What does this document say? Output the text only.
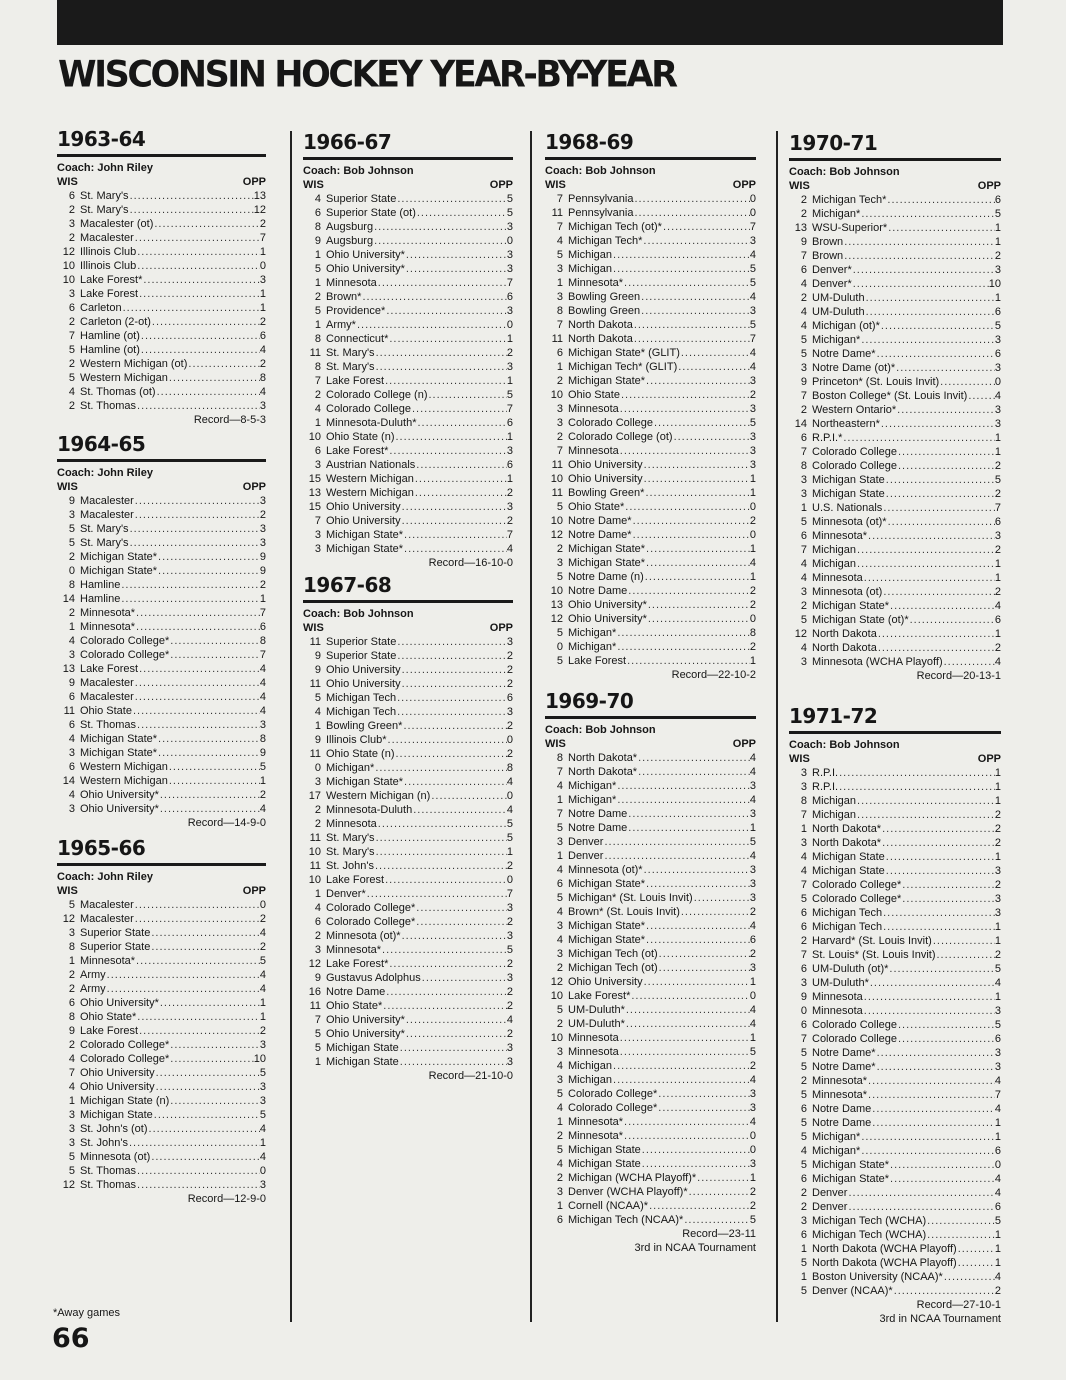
WISCONSIN HOCKEY YEAR-BY-YEAR
1963-64
Coach: John Riley
WIS	OPP
6 St. Mary's .....	13
2 St. Mary's .....	12
3 Macalester (ot) .....	2
2 Macalester .....	7
12 Illinois Club .....	1
10 Illinois Club .....	0
10 Lake Forest* .....	3
3 Lake Forest .....	1
6 Carleton .....	1
2 Carleton (2-ot) .....	2
7 Hamline (ot) .....	6
5 Hamline (ot) .....	4
2 Western Michigan (ot) .....	2
5 Western Michigan .....	8
4 St. Thomas (ot) .....	4
2 St. Thomas .....	3
Record—8-5-3
1964-65
Coach: John Riley
WIS	OPP
9 Macalester .....	3
3 Macalester .....	2
5 St. Mary's .....	3
5 St. Mary's .....	3
2 Michigan State* .....	9
0 Michigan State* .....	9
8 Hamline .....	2
14 Hamline .....	1
2 Minnesota* .....	7
1 Minnesota* .....	6
4 Colorado College* .....	8
3 Colorado College* .....	7
13 Lake Forest .....	4
9 Macalester .....	4
6 Macalester .....	4
11 Ohio State .....	4
6 St. Thomas .....	3
4 Michigan State* .....	8
3 Michigan State* .....	9
6 Western Michigan .....	5
14 Western Michigan .....	1
4 Ohio University* .....	2
3 Ohio University* .....	4
Record—14-9-0
1965-66
Coach: John Riley
WIS	OPP
5 Macalester .....	0
12 Macalester .....	2
3 Superior State .....	4
8 Superior State .....	2
1 Minnesota* .....	5
2 Army .....	4
2 Army .....	4
6 Ohio University* .....	1
8 Ohio State* .....	1
9 Lake Forest .....	2
2 Colorado College* .....	3
4 Colorado College* .....	10
7 Ohio University .....	5
4 Ohio University .....	3
1 Michigan State (n) .....	3
3 Michigan State .....	5
3 St. John's (ot) .....	4
3 St. John's .....	1
5 Minnesota (ot) .....	4
5 St. Thomas .....	0
12 St. Thomas .....	3
Record—12-9-0
1966-67
Coach: Bob Johnson
WIS	OPP
4 Superior State .....	5
6 Superior State (ot) .....	5
8 Augsburg .....	3
9 Augsburg .....	0
1 Ohio University* .....	3
5 Ohio University* .....	3
1 Minnesota .....	7
2 Brown* .....	6
5 Providence* .....	3
1 Army* .....	0
8 Connecticut* .....	1
11 St. Mary's .....	2
8 St. Mary's .....	3
7 Lake Forest .....	1
2 Colorado College (n) .....	5
4 Colorado College .....	7
1 Minnesota-Duluth* .....	6
10 Ohio State (n) .....	1
6 Lake Forest* .....	3
3 Austrian Nationals .....	6
15 Western Michigan .....	1
13 Western Michigan .....	2
15 Ohio University .....	3
7 Ohio University .....	2
3 Michigan State* .....	7
3 Michigan State* .....	4
Record—16-10-0
1967-68
Coach: Bob Johnson
WIS	OPP
11 Superior State .....	3
9 Superior State .....	2
9 Ohio University .....	2
11 Ohio University .....	2
5 Michigan Tech .....	6
4 Michigan Tech .....	3
1 Bowling Green* .....	2
9 Illinois Club* .....	0
11 Ohio State (n) .....	2
0 Michigan* .....	8
3 Michigan State* .....	4
17 Western Michigan (n) .....	0
2 Minnesota-Duluth .....	4
2 Minnesota .....	5
11 St. Mary's .....	5
10 St. Mary's .....	1
11 St. John's .....	2
10 Lake Forest .....	0
1 Denver* .....	7
4 Colorado College* .....	3
6 Colorado College* .....	2
2 Minnesota (ot)* .....	3
3 Minnesota* .....	5
12 Lake Forest* .....	2
9 Gustavus Adolphus .....	3
16 Notre Dame .....	2
11 Ohio State* .....	2
7 Ohio University* .....	4
5 Ohio University* .....	2
5 Michigan State .....	3
1 Michigan State .....	3
Record—21-10-0
1968-69
Coach: Bob Johnson
WIS	OPP
7 Pennsylvania .....	0
11 Pennsylvania .....	0
7 Michigan Tech (ot)* .....	7
4 Michigan Tech* .....	3
5 Michigan .....	4
3 Michigan .....	5
1 Minnesota* .....	5
3 Bowling Green .....	4
8 Bowling Green .....	3
7 North Dakota .....	5
11 North Dakota .....	7
6 Michigan State* (GLIT) .....	4
1 Michigan Tech* (GLIT) .....	4
2 Michigan State* .....	3
10 Ohio State .....	2
3 Minnesota .....	3
3 Colorado College .....	5
2 Colorado College (ot) .....	3
7 Minnesota .....	3
11 Ohio University .....	3
10 Ohio University .....	1
11 Bowling Green* .....	1
5 Ohio State* .....	0
10 Notre Dame* .....	2
12 Notre Dame* .....	0
2 Michigan State* .....	1
3 Michigan State* .....	4
5 Notre Dame (n) .....	1
10 Notre Dame .....	2
13 Ohio University* .....	2
12 Ohio University* .....	0
5 Michigan* .....	8
0 Michigan* .....	2
5 Lake Forest .....	1
Record—22-10-2
1969-70
Coach: Bob Johnson
WIS	OPP
8 North Dakota* .....	4
7 North Dakota* .....	4
4 Michigan* .....	3
1 Michigan* .....	4
7 Notre Dame .....	3
5 Notre Dame .....	1
3 Denver .....	5
1 Denver .....	4
4 Minnesota (ot)* .....	3
6 Michigan State* .....	3
5 Michigan* (St. Louis Invit) .....	3
4 Brown* (St. Louis Invit) .....	2
3 Michigan State* .....	4
4 Michigan State* .....	6
3 Michigan Tech (ot) .....	2
2 Michigan Tech (ot) .....	3
12 Ohio University .....	1
10 Lake Forest* .....	0
5 UM-Duluth* .....	4
2 UM-Duluth* .....	4
10 Minnesota .....	1
3 Minnesota .....	5
4 Michigan .....	2
3 Michigan .....	4
5 Colorado College* .....	3
4 Colorado College* .....	3
1 Minnesota* .....	4
2 Minnesota* .....	0
5 Michigan State .....	0
4 Michigan State .....	3
2 Michigan (WCHA Playoff)* .....	1
3 Denver (WCHA Playoff)* .....	2
1 Cornell (NCAA)* .....	2
6 Michigan Tech (NCAA)* .....	5
Record—23-11
3rd in NCAA Tournament
1970-71
Coach: Bob Johnson
WIS	OPP
2 Michigan Tech* .....	6
2 Michigan* .....	5
13 WSU-Superior* .....	1
9 Brown .....	1
7 Brown .....	2
6 Denver* .....	3
4 Denver* .....	10
2 UM-Duluth .....	1
4 UM-Duluth .....	6
4 Michigan (ot)* .....	5
5 Michigan* .....	3
5 Notre Dame* .....	6
3 Notre Dame (ot)* .....	3
9 Princeton* (St. Louis Invit) .....	0
7 Boston College* (St. Louis Invit) .....	4
2 Western Ontario* .....	3
14 Northeastern* .....	3
6 R.P.I.* .....	1
7 Colorado College .....	1
8 Colorado College .....	2
3 Michigan State .....	5
3 Michigan State .....	2
1 U.S. Nationals .....	7
5 Minnesota (ot)* .....	6
6 Minnesota* .....	3
7 Michigan .....	2
4 Michigan .....	1
4 Minnesota .....	1
3 Minnesota (ot) .....	2
2 Michigan State* .....	4
5 Michigan State (ot)* .....	6
12 North Dakota .....	1
4 North Dakota .....	2
3 Minnesota (WCHA Playoff) .....	4
Record—20-13-1
1971-72
Coach: Bob Johnson
WIS	OPP
3 R.P.I. .....	1
3 R.P.I. .....	1
8 Michigan .....	1
7 Michigan .....	2
1 North Dakota* .....	2
3 North Dakota* .....	2
4 Michigan State .....	1
4 Michigan State .....	3
7 Colorado College* .....	2
5 Colorado College* .....	3
6 Michigan Tech .....	3
6 Michigan Tech .....	1
2 Harvard* (St. Louis Invit) .....	1
7 St. Louis* (St. Louis Invit) .....	2
6 UM-Duluth (ot)* .....	5
3 UM-Duluth* .....	4
9 Minnesota .....	1
0 Minnesota .....	3
6 Colorado College .....	5
7 Colorado College .....	6
5 Notre Dame* .....	3
5 Notre Dame* .....	3
2 Minnesota* .....	4
5 Minnesota* .....	7
6 Notre Dame .....	4
5 Notre Dame .....	1
5 Michigan* .....	1
4 Michigan* .....	6
5 Michigan State* .....	0
6 Michigan State* .....	4
2 Denver .....	4
2 Denver .....	6
3 Michigan Tech (WCHA) .....	5
6 Michigan Tech (WCHA) .....	1
1 North Dakota (WCHA Playoff) .....	1
5 North Dakota (WCHA Playoff) .....	1
1 Boston University (NCAA)* .....	4
5 Denver (NCAA)* .....	2
Record—27-10-1
3rd in NCAA Tournament
*Away games
66
